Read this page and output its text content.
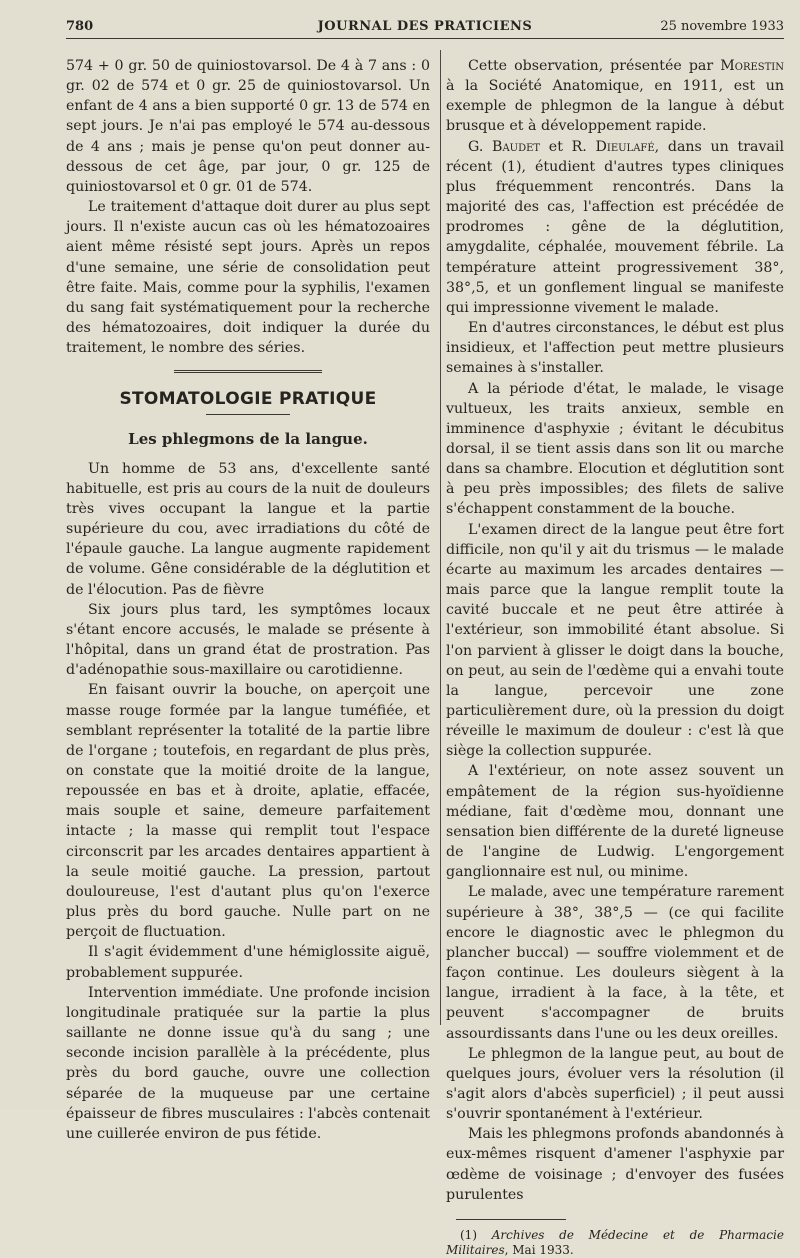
780	JOURNAL DES PRATICIENS	25 novembre 1933

574 + 0 gr. 50 de quiniostovarsol. De 4 à 7 ans : 0 gr. 02 de 574 et 0 gr. 25 de quiniostovarsol. Un enfant de 4 ans a bien supporté 0 gr. 13 de 574 en sept jours. Je n'ai pas employé le 574 au-dessous de 4 ans ; mais je pense qu'on peut donner au-dessous de cet âge, par jour, 0 gr. 125 de quiniostovarsol et 0 gr. 01 de 574.

Le traitement d'attaque doit durer au plus sept jours. Il n'existe aucun cas où les hématozoaires aient même résisté sept jours. Après un repos d'une semaine, une série de consolidation peut être faite. Mais, comme pour la syphilis, l'examen du sang fait systématiquement pour la recherche des hématozoaires, doit indiquer la durée du traitement, le nombre des séries.

STOMATOLOGIE PRATIQUE
Les phlegmons de la langue.

Un homme de 53 ans, d'excellente santé habituelle, est pris au cours de la nuit de douleurs très vives occupant la langue et la partie supérieure du cou, avec irradiations du côté de l'épaule gauche. La langue augmente rapidement de volume. Gêne considérable de la déglutition et de l'élocution. Pas de fièvre

Six jours plus tard, les symptômes locaux s'étant encore accusés, le malade se présente à l'hôpital, dans un grand état de prostration. Pas d'adénopathie sous-maxillaire ou carotidienne.

En faisant ouvrir la bouche, on aperçoit une masse rouge formée par la langue tuméfiée, et semblant représenter la totalité de la partie libre de l'organe ; toutefois, en regardant de plus près, on constate que la moitié droite de la langue, repoussée en bas et à droite, aplatie, effacée, mais souple et saine, demeure parfaitement intacte ; la masse qui remplit tout l'espace circonscrit par les arcades dentaires appartient à la seule moitié gauche. La pression, partout douloureuse, l'est d'autant plus qu'on l'exerce plus près du bord gauche. Nulle part on ne perçoit de fluctuation.

Il s'agit évidemment d'une hémiglossite aiguë, probablement suppurée.

Intervention immédiate. Une profonde incision longitudinale pratiquée sur la partie la plus saillante ne donne issue qu'à du sang ; une seconde incision parallèle à la précédente, plus près du bord gauche, ouvre une collection séparée de la muqueuse par une certaine épaisseur de fibres musculaires : l'abcès contenait une cuillerée environ de pus fétide.

Cette observation, présentée par Morestin à la Société Anatomique, en 1911, est un exemple de phlegmon de la langue à début brusque et à développement rapide.

G. Baudet et R. Dieulafé, dans un travail récent (1), étudient d'autres types cliniques plus fréquemment rencontrés. Dans la majorité des cas, l'affection est précédée de prodromes : gêne de la déglutition, amygdalite, céphalée, mouvement fébrile. La température atteint progressivement 38°, 38°,5, et un gonflement lingual se manifeste qui impressionne vivement le malade.

En d'autres circonstances, le début est plus insidieux, et l'affection peut mettre plusieurs semaines à s'installer.

A la période d'état, le malade, le visage vultueux, les traits anxieux, semble en imminence d'asphyxie ; évitant le décubitus dorsal, il se tient assis dans son lit ou marche dans sa chambre. Elocution et déglutition sont à peu près impossibles; des filets de salive s'échappent constamment de la bouche.

L'examen direct de la langue peut être fort difficile, non qu'il y ait du trismus — le malade écarte au maximum les arcades dentaires — mais parce que la langue remplit toute la cavité buccale et ne peut être attirée à l'extérieur, son immobilité étant absolue. Si l'on parvient à glisser le doigt dans la bouche, on peut, au sein de l'œdème qui a envahi toute la langue, percevoir une zone particulièrement dure, où la pression du doigt réveille le maximum de douleur : c'est là que siège la collection suppurée.

A l'extérieur, on note assez souvent un empâtement de la région sus-hyoïdienne médiane, fait d'œdème mou, donnant une sensation bien différente de la dureté ligneuse de l'angine de Ludwig. L'engorgement ganglionnaire est nul, ou minime.

Le malade, avec une température rarement supérieure à 38°, 38°,5 — (ce qui facilite encore le diagnostic avec le phlegmon du plancher buccal) — souffre violemment et de façon continue. Les douleurs siègent à la langue, irradient à la face, à la tête, et peuvent s'accompagner de bruits assourdissants dans l'une ou les deux oreilles.

Le phlegmon de la langue peut, au bout de quelques jours, évoluer vers la résolution (il s'agit alors d'abcès superficiel) ; il peut aussi s'ouvrir spontanément à l'extérieur.

Mais les phlegmons profonds abandonnés à eux-mêmes risquent d'amener l'asphyxie par œdème de voisinage ; d'envoyer des fusées purulentes

(1) Archives de Médecine et de Pharmacie Militaires, Mai 1933.
